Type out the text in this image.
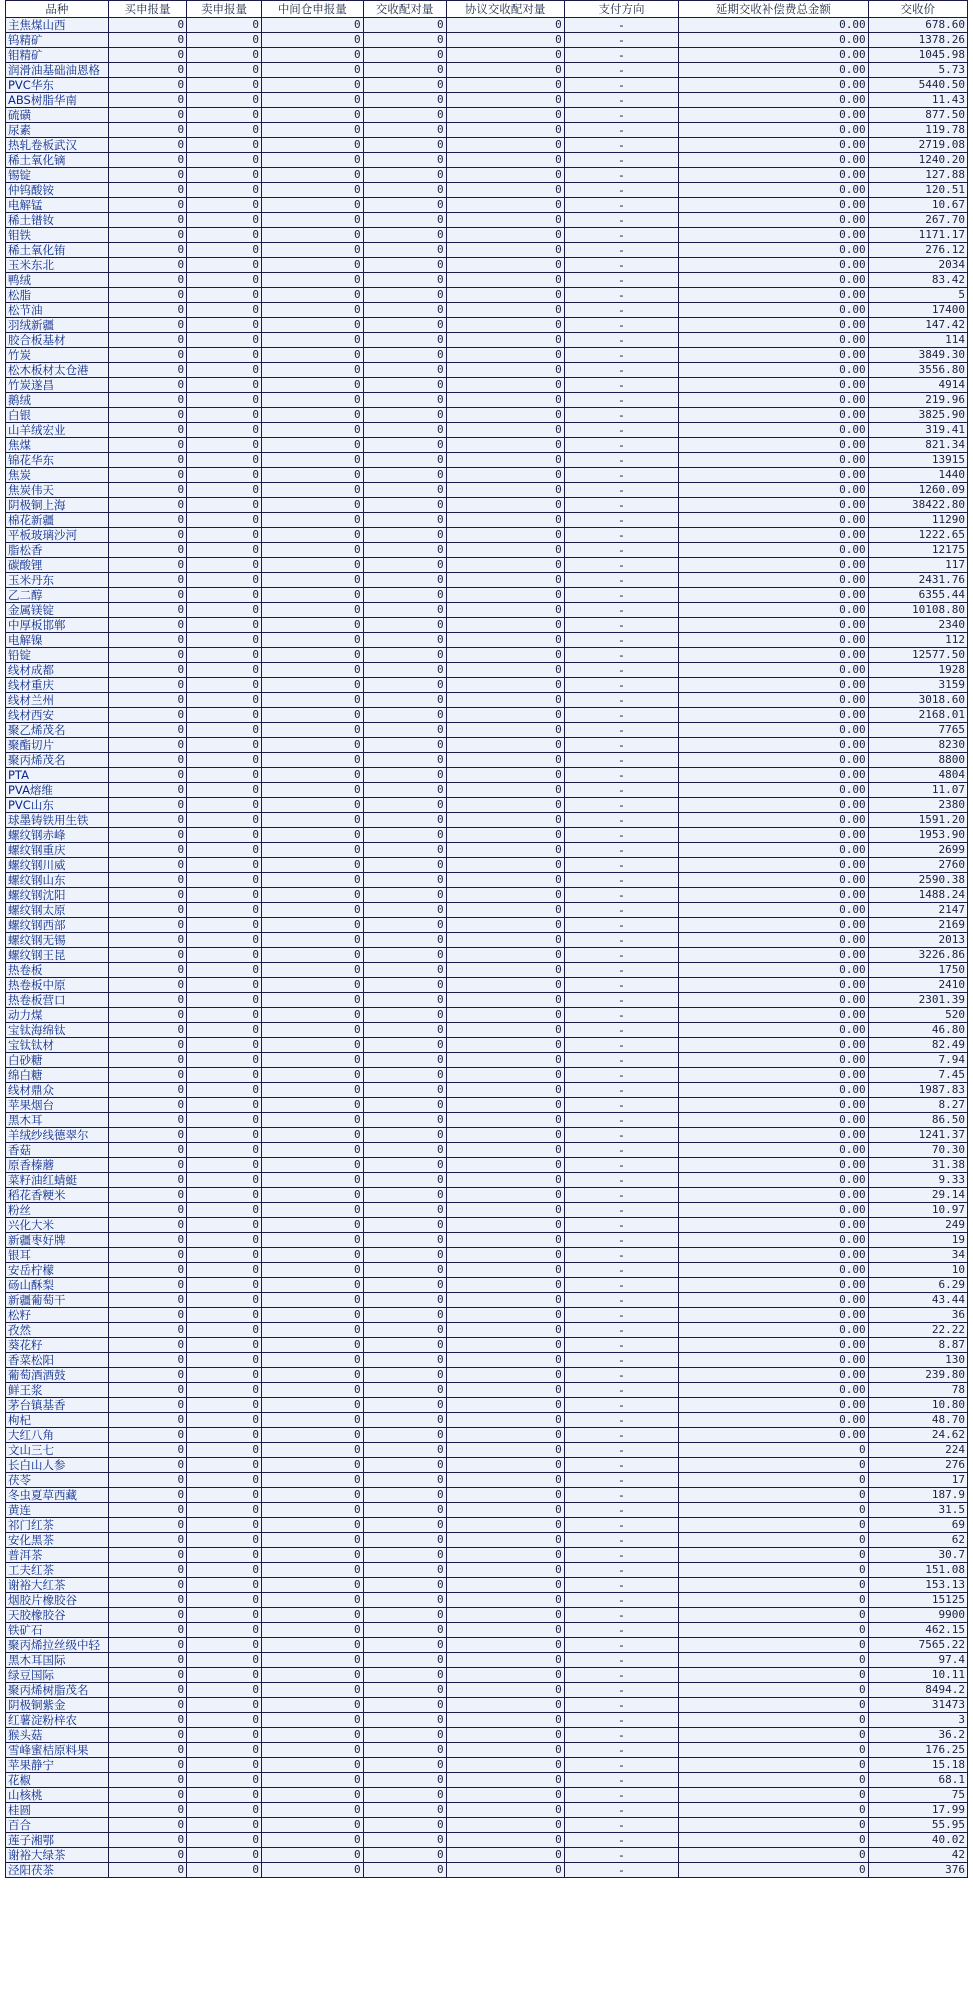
品种	买申报量	卖申报量	中间仓申报量	交收配对量	协议交收配对量	支付方向	延期交收补偿费总金额	交收价
主焦煤山西	0	0	0	0	0	-	0.00	678.60
钨精矿	0	0	0	0	0	-	0.00	1378.26
钼精矿	0	0	0	0	0	-	0.00	1045.98
润滑油基础油恩格	0	0	0	0	0	-	0.00	5.73
PVC华东	0	0	0	0	0	-	0.00	5440.50
ABS树脂华南	0	0	0	0	0	-	0.00	11.43
硫磺	0	0	0	0	0	-	0.00	877.50
尿素	0	0	0	0	0	-	0.00	119.78
热轧卷板武汉	0	0	0	0	0	-	0.00	2719.08
稀土氧化镝	0	0	0	0	0	-	0.00	1240.20
锡锭	0	0	0	0	0	-	0.00	127.88
仲钨酸铵	0	0	0	0	0	-	0.00	120.51
电解锰	0	0	0	0	0	-	0.00	10.67
稀土镨钕	0	0	0	0	0	-	0.00	267.70
钼铁	0	0	0	0	0	-	0.00	1171.17
稀土氧化铕	0	0	0	0	0	-	0.00	276.12
玉米东北	0	0	0	0	0	-	0.00	2034
鸭绒	0	0	0	0	0	-	0.00	83.42
松脂	0	0	0	0	0	-	0.00	5
松节油	0	0	0	0	0	-	0.00	17400
羽绒新疆	0	0	0	0	0	-	0.00	147.42
胶合板基材	0	0	0	0	0	-	0.00	114
竹炭	0	0	0	0	0	-	0.00	3849.30
松木板材太仓港	0	0	0	0	0	-	0.00	3556.80
竹炭遂昌	0	0	0	0	0	-	0.00	4914
鹅绒	0	0	0	0	0	-	0.00	219.96
白银	0	0	0	0	0	-	0.00	3825.90
山羊绒宏业	0	0	0	0	0	-	0.00	319.41
焦煤	0	0	0	0	0	-	0.00	821.34
锦花华东	0	0	0	0	0	-	0.00	13915
焦炭	0	0	0	0	0	-	0.00	1440
焦炭伟天	0	0	0	0	0	-	0.00	1260.09
阴极铜上海	0	0	0	0	0	-	0.00	38422.80
棉花新疆	0	0	0	0	0	-	0.00	11290
平板玻璃沙河	0	0	0	0	0	-	0.00	1222.65
脂松香	0	0	0	0	0	-	0.00	12175
碳酸锂	0	0	0	0	0	-	0.00	117
玉米丹东	0	0	0	0	0	-	0.00	2431.76
乙二醇	0	0	0	0	0	-	0.00	6355.44
金属镁锭	0	0	0	0	0	-	0.00	10108.80
中厚板邯郸	0	0	0	0	0	-	0.00	2340
电解镍	0	0	0	0	0	-	0.00	112
铅锭	0	0	0	0	0	-	0.00	12577.50
线材成都	0	0	0	0	0	-	0.00	1928
线材重庆	0	0	0	0	0	-	0.00	3159
线材兰州	0	0	0	0	0	-	0.00	3018.60
线材西安	0	0	0	0	0	-	0.00	2168.01
聚乙烯茂名	0	0	0	0	0	-	0.00	7765
聚酯切片	0	0	0	0	0	-	0.00	8230
聚丙烯茂名	0	0	0	0	0	-	0.00	8800
PTA	0	0	0	0	0	-	0.00	4804
PVA熔维	0	0	0	0	0	-	0.00	11.07
PVC山东	0	0	0	0	0	-	0.00	2380
球墨铸铁用生铁	0	0	0	0	0	-	0.00	1591.20
螺纹钢赤峰	0	0	0	0	0	-	0.00	1953.90
螺纹钢重庆	0	0	0	0	0	-	0.00	2699
螺纹钢川威	0	0	0	0	0	-	0.00	2760
螺纹钢山东	0	0	0	0	0	-	0.00	2590.38
螺纹钢沈阳	0	0	0	0	0	-	0.00	1488.24
螺纹钢太原	0	0	0	0	0	-	0.00	2147
螺纹钢西部	0	0	0	0	0	-	0.00	2169
螺纹钢无锡	0	0	0	0	0	-	0.00	2013
螺纹钢王昆	0	0	0	0	0	-	0.00	3226.86
热卷板	0	0	0	0	0	-	0.00	1750
热卷板中原	0	0	0	0	0	-	0.00	2410
热卷板营口	0	0	0	0	0	-	0.00	2301.39
动力煤	0	0	0	0	0	-	0.00	520
宝钛海绵钛	0	0	0	0	0	-	0.00	46.80
宝钛钛材	0	0	0	0	0	-	0.00	82.49
白砂糖	0	0	0	0	0	-	0.00	7.94
绵白糖	0	0	0	0	0	-	0.00	7.45
线材鼎众	0	0	0	0	0	-	0.00	1987.83
苹果烟台	0	0	0	0	0	-	0.00	8.27
黑木耳	0	0	0	0	0	-	0.00	86.50
羊绒纱线德翠尔	0	0	0	0	0	-	0.00	1241.37
香菇	0	0	0	0	0	-	0.00	70.30
原香榛蘑	0	0	0	0	0	-	0.00	31.38
菜籽油红蜻蜓	0	0	0	0	0	-	0.00	9.33
稻花香粳米	0	0	0	0	0	-	0.00	29.14
粉丝	0	0	0	0	0	-	0.00	10.97
兴化大米	0	0	0	0	0	-	0.00	249
新疆枣好牌	0	0	0	0	0	-	0.00	19
银耳	0	0	0	0	0	-	0.00	34
安岳柠檬	0	0	0	0	0	-	0.00	10
砀山酥梨	0	0	0	0	0	-	0.00	6.29
新疆葡萄干	0	0	0	0	0	-	0.00	43.44
松籽	0	0	0	0	0	-	0.00	36
孜然	0	0	0	0	0	-	0.00	22.22
葵花籽	0	0	0	0	0	-	0.00	8.87
香菜松阳	0	0	0	0	0	-	0.00	130
葡萄酒酒鼓	0	0	0	0	0	-	0.00	239.80
鲜王浆	0	0	0	0	0	-	0.00	78
茅台镇基香	0	0	0	0	0	-	0.00	10.80
枸杞	0	0	0	0	0	-	0.00	48.70
大红八角	0	0	0	0	0	-	0.00	24.62
文山三七	0	0	0	0	0	-	0	224
长白山人参	0	0	0	0	0	-	0	276
茯苓	0	0	0	0	0	-	0	17
冬虫夏草西藏	0	0	0	0	0	-	0	187.9
黄连	0	0	0	0	0	-	0	31.5
祁门红茶	0	0	0	0	0	-	0	69
安化黑茶	0	0	0	0	0	-	0	62
普洱茶	0	0	0	0	0	-	0	30.7
工夫红茶	0	0	0	0	0	-	0	151.08
谢裕大红茶	0	0	0	0	0	-	0	153.13
烟胶片橡胶谷	0	0	0	0	0	-	0	15125
天胶橡胶谷	0	0	0	0	0	-	0	9900
铁矿石	0	0	0	0	0	-	0	462.15
聚丙烯拉丝级中轻	0	0	0	0	0	-	0	7565.22
黑木耳国际	0	0	0	0	0	-	0	97.4
绿豆国际	0	0	0	0	0	-	0	10.11
聚丙烯树脂茂名	0	0	0	0	0	-	0	8494.2
阴极铜紫金	0	0	0	0	0	-	0	31473
红薯淀粉梓农	0	0	0	0	0	-	0	3
猴头菇	0	0	0	0	0	-	0	36.2
雪峰蜜桔原料果	0	0	0	0	0	-	0	176.25
苹果静宁	0	0	0	0	0	-	0	15.18
花椒	0	0	0	0	0	-	0	68.1
山核桃	0	0	0	0	0	-	0	75
桂圆	0	0	0	0	0	-	0	17.99
百合	0	0	0	0	0	-	0	55.95
莲子湘鄂	0	0	0	0	0	-	0	40.02
谢裕大绿茶	0	0	0	0	0	-	0	42
泾阳茯茶	0	0	0	0	0	-	0	376
